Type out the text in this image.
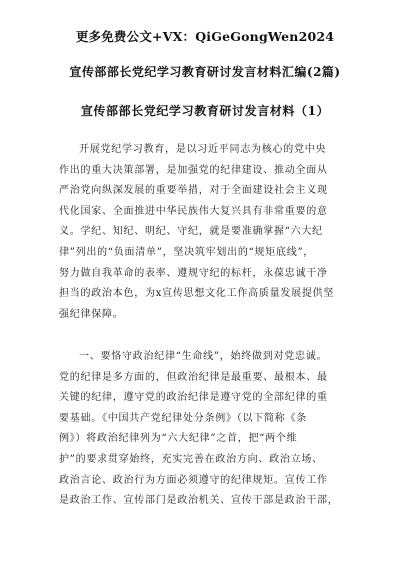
更多免费公文+VX：QiGeGongWen2024
宣传部部长党纪学习教育研讨发言材料汇编(2篇)
宣传部部长党纪学习教育研讨发言材料（1）
开展党纪学习教育，是以习近平同志为核心的党中央
作出的重大决策部署，是加强党的纪律建设、推动全面从
严治党向纵深发展的重要举措，对于全面建设社会主义现
代化国家、全面推进中华民族伟大复兴具有非常重要的意
义。学纪、知纪、明纪、守纪，就是要准确掌握“六大纪
律”列出的“负面清单”，坚决筑牢划出的“规矩底线”，
努力做自我革命的表率、遵规守纪的标杆，永葆忠诚干净
担当的政治本色，为x宣传思想文化工作高质量发展提供坚
强纪律保障。
一、要恪守政治纪律“生命线”，始终做到对党忠诚。
党的纪律是多方面的，但政治纪律是最重要、最根本、最
关键的纪律，遵守党的政治纪律是遵守党的全部纪律的重
要基础。《中国共产党纪律处分条例》（以下简称《条
例》）将政治纪律列为“六大纪律”之首，把“两个维
护”的要求贯穿始终，充实完善在政治方向、政治立场、
政治言论、政治行为方面必须遵守的纪律规矩。宣传工作
是政治工作、宣传部门是政治机关、宣传干部是政治干部，
